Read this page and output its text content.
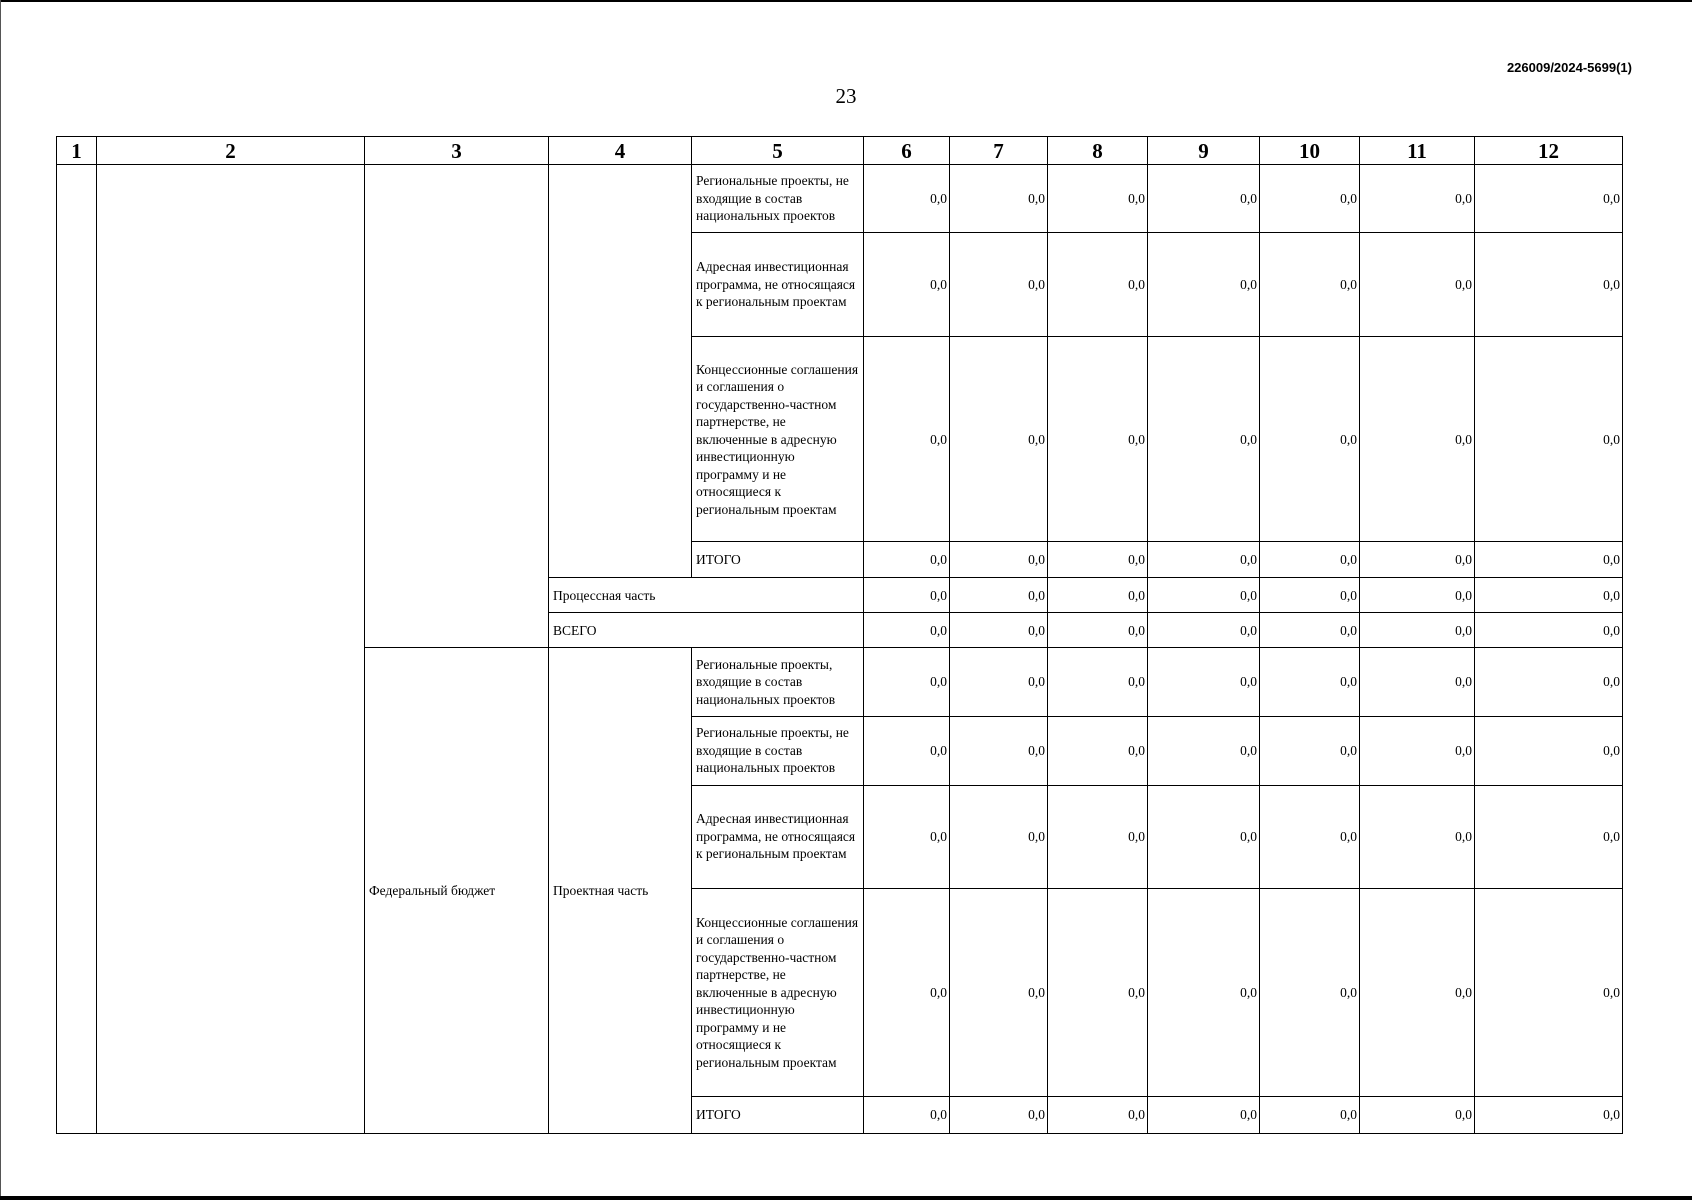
226009/2024-5699(1)
23
1	2	3	4	5	6	7	8	9	10	11	12
				Региональные проекты, не входящие в состав национальных проектов	0,0	0,0	0,0	0,0	0,0	0,0	0,0
				Адресная инвестиционная программа, не относящаяся к региональным проектам	0,0	0,0	0,0	0,0	0,0	0,0	0,0
				Концессионные соглашения и соглашения о государственно-частном партнерстве, не включенные в адресную инвестиционную программу и не относящиеся к региональным проектам	0,0	0,0	0,0	0,0	0,0	0,0	0,0
				ИТОГО	0,0	0,0	0,0	0,0	0,0	0,0	0,0
			Процессная часть		0,0	0,0	0,0	0,0	0,0	0,0	0,0
			ВСЕГО		0,0	0,0	0,0	0,0	0,0	0,0	0,0
		Федеральный бюджет	Проектная часть	Региональные проекты, входящие в состав национальных проектов	0,0	0,0	0,0	0,0	0,0	0,0	0,0
				Региональные проекты, не входящие в состав национальных проектов	0,0	0,0	0,0	0,0	0,0	0,0	0,0
				Адресная инвестиционная программа, не относящаяся к региональным проектам	0,0	0,0	0,0	0,0	0,0	0,0	0,0
				Концессионные соглашения и соглашения о государственно-частном партнерстве, не включенные в адресную инвестиционную программу и не относящиеся к региональным проектам	0,0	0,0	0,0	0,0	0,0	0,0	0,0
				ИТОГО	0,0	0,0	0,0	0,0	0,0	0,0	0,0
